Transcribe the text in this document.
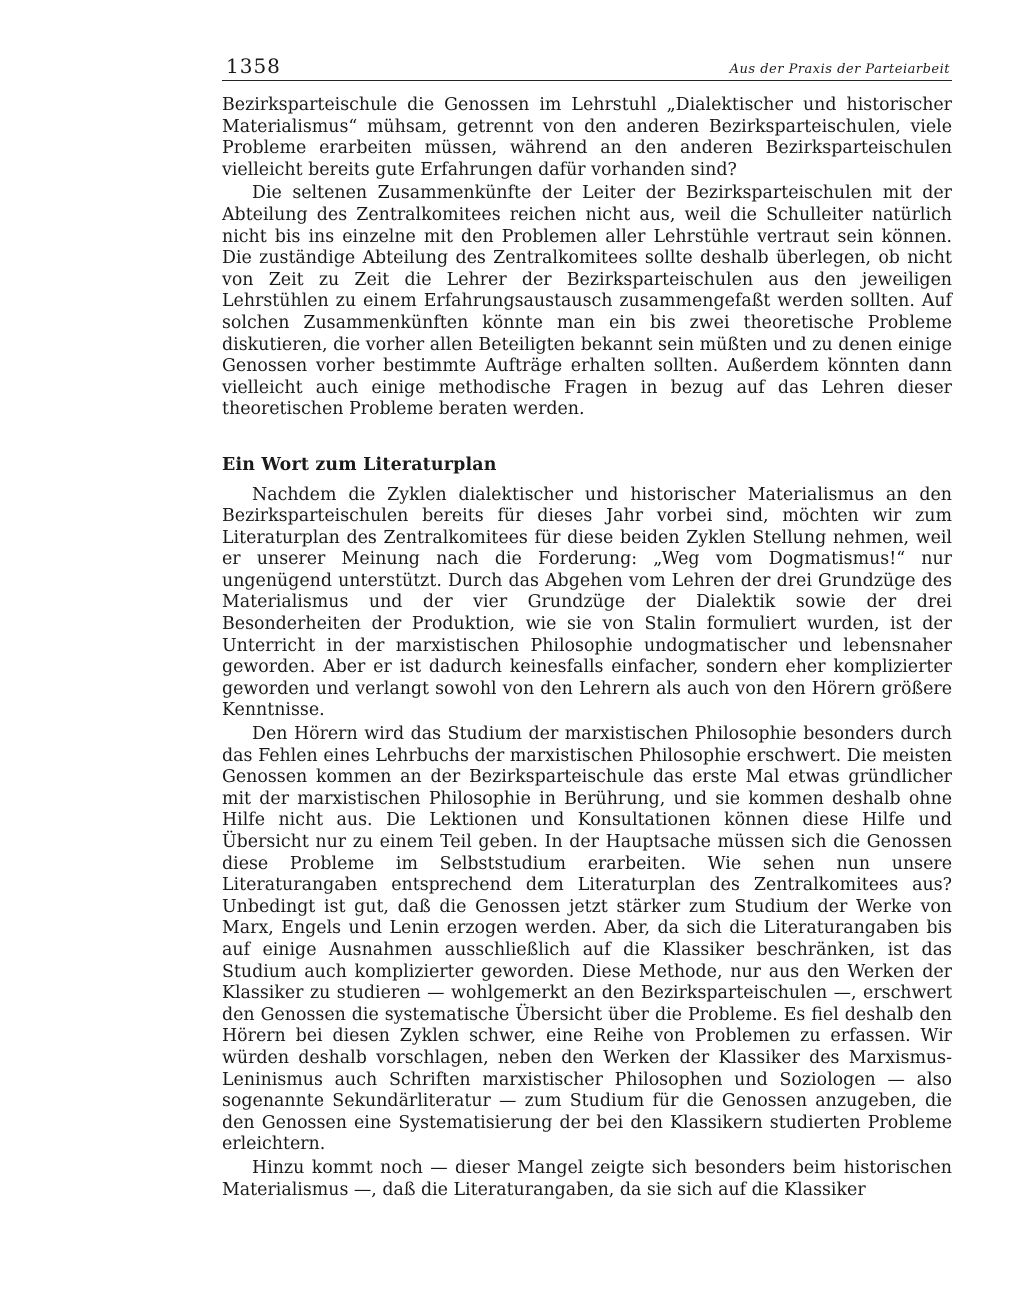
1358	Aus der Praxis der Parteiarbeit

Bezirksparteischule die Genossen im Lehrstuhl „Dialektischer und historischer Materialismus“ mühsam, getrennt von den anderen Bezirksparteischulen, viele Probleme erarbeiten müssen, während an den anderen Bezirksparteischulen vielleicht bereits gute Erfahrungen dafür vorhanden sind?

Die seltenen Zusammenkünfte der Leiter der Bezirksparteischulen mit der Abteilung des Zentralkomitees reichen nicht aus, weil die Schulleiter natürlich nicht bis ins einzelne mit den Problemen aller Lehrstühle vertraut sein können. Die zuständige Abteilung des Zentralkomitees sollte deshalb überlegen, ob nicht von Zeit zu Zeit die Lehrer der Bezirksparteischulen aus den jeweiligen Lehrstühlen zu einem Erfahrungsaustausch zusammengefaßt werden sollten. Auf solchen Zusammenkünften könnte man ein bis zwei theoretische Probleme diskutieren, die vorher allen Beteiligten bekannt sein müßten und zu denen einige Genossen vorher bestimmte Aufträge erhalten sollten. Außerdem könnten dann vielleicht auch einige methodische Fragen in bezug auf das Lehren dieser theoretischen Probleme beraten werden.

Ein Wort zum Literaturplan

Nachdem die Zyklen dialektischer und historischer Materialismus an den Bezirksparteischulen bereits für dieses Jahr vorbei sind, möchten wir zum Literaturplan des Zentralkomitees für diese beiden Zyklen Stellung nehmen, weil er unserer Meinung nach die Forderung: „Weg vom Dogmatismus!“ nur ungenügend unterstützt. Durch das Abgehen vom Lehren der drei Grundzüge des Materialismus und der vier Grundzüge der Dialektik sowie der drei Besonderheiten der Produktion, wie sie von Stalin formuliert wurden, ist der Unterricht in der marxistischen Philosophie undogmatischer und lebensnaher geworden. Aber er ist dadurch keinesfalls einfacher, sondern eher komplizierter geworden und verlangt sowohl von den Lehrern als auch von den Hörern größere Kenntnisse.

Den Hörern wird das Studium der marxistischen Philosophie besonders durch das Fehlen eines Lehrbuchs der marxistischen Philosophie erschwert. Die meisten Genossen kommen an der Bezirksparteischule das erste Mal etwas gründlicher mit der marxistischen Philosophie in Berührung, und sie kommen deshalb ohne Hilfe nicht aus. Die Lektionen und Konsultationen können diese Hilfe und Übersicht nur zu einem Teil geben. In der Hauptsache müssen sich die Genossen diese Probleme im Selbststudium erarbeiten. Wie sehen nun unsere Literaturangaben entsprechend dem Literaturplan des Zentralkomitees aus? Unbedingt ist gut, daß die Genossen jetzt stärker zum Studium der Werke von Marx, Engels und Lenin erzogen werden. Aber, da sich die Literaturangaben bis auf einige Ausnahmen ausschließlich auf die Klassiker beschränken, ist das Studium auch komplizierter geworden. Diese Methode, nur aus den Werken der Klassiker zu studieren — wohlgemerkt an den Bezirksparteischulen —, erschwert den Genossen die systematische Übersicht über die Probleme. Es fiel deshalb den Hörern bei diesen Zyklen schwer, eine Reihe von Problemen zu erfassen. Wir würden deshalb vorschlagen, neben den Werken der Klassiker des Marxismus-Leninismus auch Schriften marxistischer Philosophen und Soziologen — also sogenannte Sekundärliteratur — zum Studium für die Genossen anzugeben, die den Genossen eine Systematisierung der bei den Klassikern studierten Probleme erleichtern.

Hinzu kommt noch — dieser Mangel zeigte sich besonders beim historischen Materialismus —, daß die Literaturangaben, da sie sich auf die Klassiker
